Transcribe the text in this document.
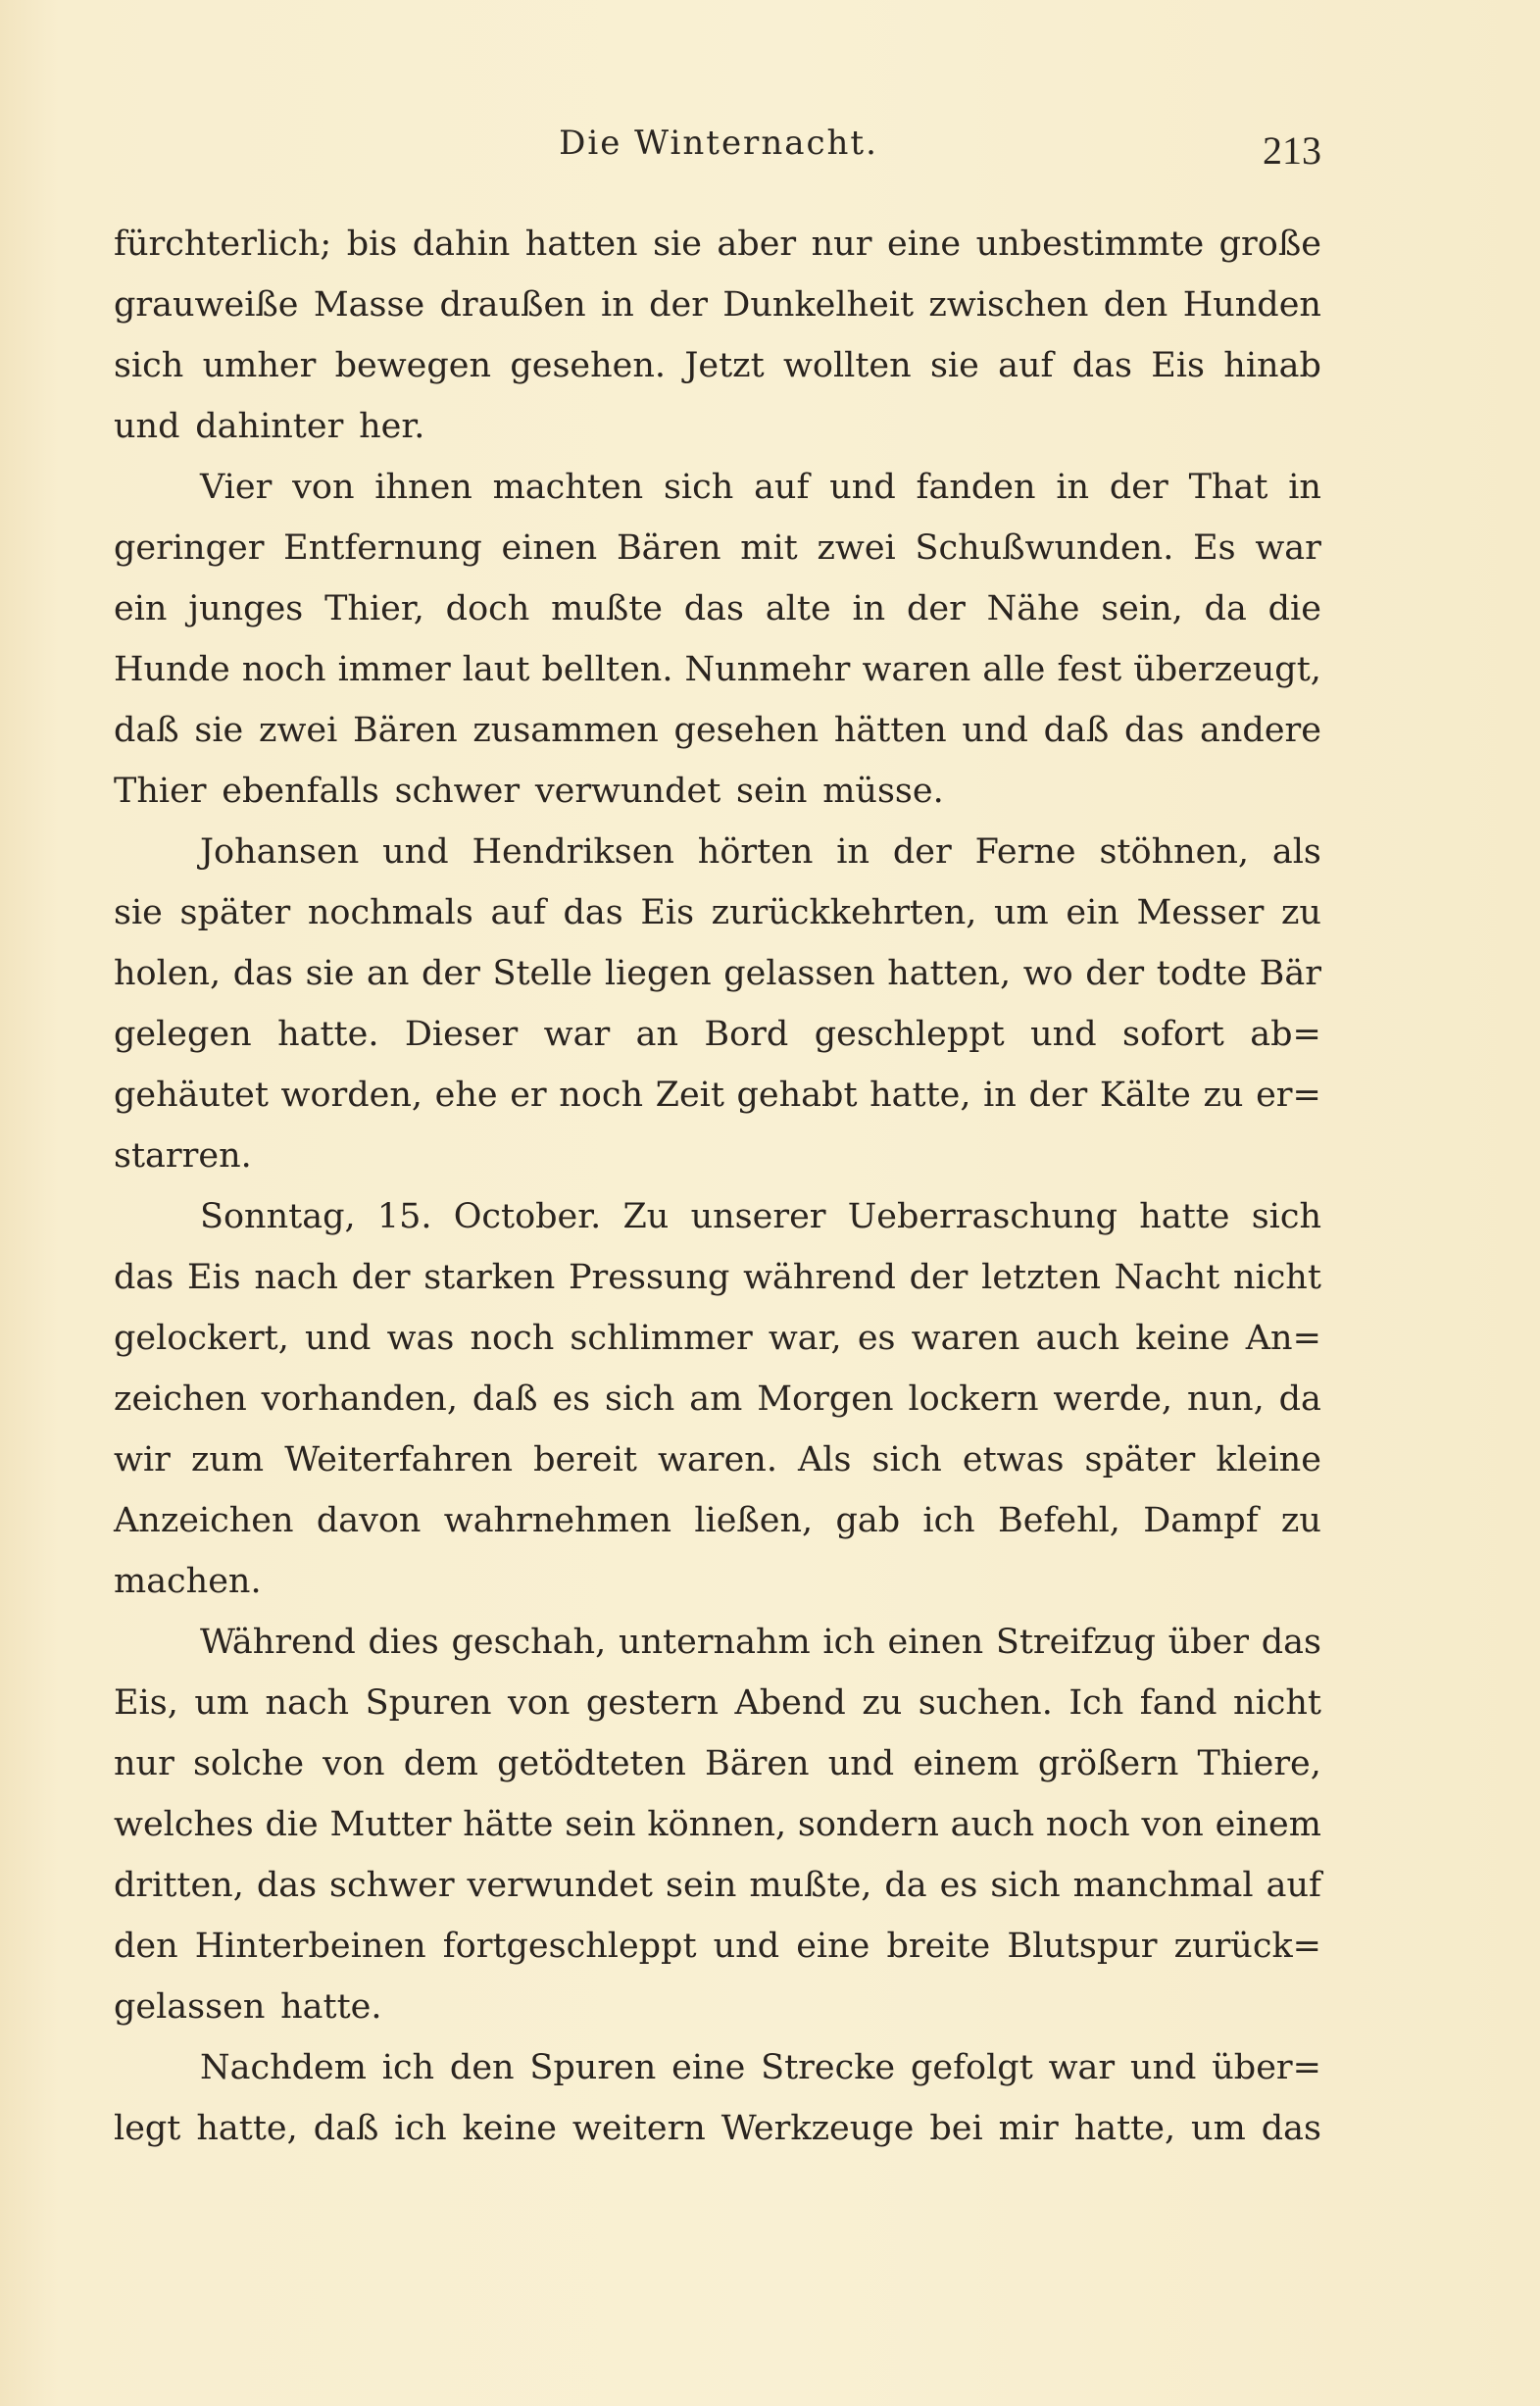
Die Winternacht.	213
fürchterlich; bis dahin hatten sie aber nur eine unbestimmte große
grauweiße Masse draußen in der Dunkelheit zwischen den Hunden
sich umher bewegen gesehen. Jetzt wollten sie auf das Eis hinab
und dahinter her.
Vier von ihnen machten sich auf und fanden in der That in
geringer Entfernung einen Bären mit zwei Schußwunden. Es war
ein junges Thier, doch mußte das alte in der Nähe sein, da die
Hunde noch immer laut bellten. Nunmehr waren alle fest überzeugt,
daß sie zwei Bären zusammen gesehen hätten und daß das andere
Thier ebenfalls schwer verwundet sein müsse.
Johansen und Hendriksen hörten in der Ferne stöhnen, als
sie später nochmals auf das Eis zurückkehrten, um ein Messer zu
holen, das sie an der Stelle liegen gelassen hatten, wo der todte Bär
gelegen hatte. Dieser war an Bord geschleppt und sofort ab=
gehäutet worden, ehe er noch Zeit gehabt hatte, in der Kälte zu er=
starren.
Sonntag, 15. October. Zu unserer Ueberraschung hatte sich
das Eis nach der starken Pressung während der letzten Nacht nicht
gelockert, und was noch schlimmer war, es waren auch keine An=
zeichen vorhanden, daß es sich am Morgen lockern werde, nun, da
wir zum Weiterfahren bereit waren. Als sich etwas später kleine
Anzeichen davon wahrnehmen ließen, gab ich Befehl, Dampf zu
machen.
Während dies geschah, unternahm ich einen Streifzug über das
Eis, um nach Spuren von gestern Abend zu suchen. Ich fand nicht
nur solche von dem getödteten Bären und einem größern Thiere,
welches die Mutter hätte sein können, sondern auch noch von einem
dritten, das schwer verwundet sein mußte, da es sich manchmal auf
den Hinterbeinen fortgeschleppt und eine breite Blutspur zurück=
gelassen hatte.
Nachdem ich den Spuren eine Strecke gefolgt war und über=
legt hatte, daß ich keine weitern Werkzeuge bei mir hatte, um das
